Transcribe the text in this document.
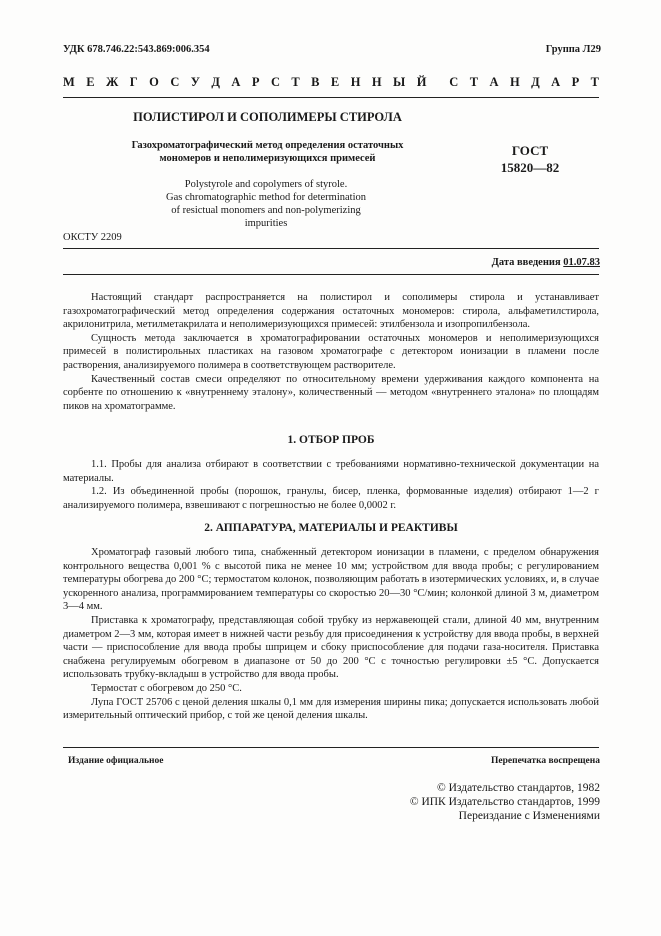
УДК 678.746.22:543.869:006.354	Группа Л29
М Е Ж Г О С У Д А Р С Т В Е Н Н Ы Й С Т А Н Д А Р Т
ПОЛИСТИРОЛ И СОПОЛИМЕРЫ СТИРОЛА
Газохроматографический метод определения остаточных
мономеров и неполимеризующихся примесей
ГОСТ
15820—82
Polystyrole and copolymers of styrole.
Gas chromatographic method for determination
of resictual monomers and non-polymerizing
impurities
ОКСТУ 2209
Дата введения 01.07.83

Настоящий стандарт распространяется на полистирол и сополимеры стирола и устанавливает газохроматографический метод определения содержания остаточных мономеров: стирола, альфаметилстирола, акрилонитрила, метилметакрилата и неполимеризующихся примесей: этилбензола и изопропилбензола.

Сущность метода заключается в хроматографировании остаточных мономеров и неполимеризующихся примесей в полистирольных пластиках на газовом хроматографе с детектором ионизации в пламени после растворения, анализируемого полимера в соответствующем растворителе.

Качественный состав смеси определяют по относительному времени удерживания каждого компонента на сорбенте по отношению к «внутреннему эталону», количественный — методом «внутреннего эталона» по площадям пиков на хроматограмме.

1. ОТБОР ПРОБ

1.1. Пробы для анализа отбирают в соответствии с требованиями нормативно-технической документации на материалы.

1.2. Из объединенной пробы (порошок, гранулы, бисер, пленка, формованные изделия) отбирают 1—2 г анализируемого полимера, взвешивают с погрешностью не более 0,0002 г.

2. АППАРАТУРА, МАТЕРИАЛЫ И РЕАКТИВЫ

Хроматограф газовый любого типа, снабженный детектором ионизации в пламени, с пределом обнаружения контрольного вещества 0,001 % с высотой пика не менее 10 мм; устройством для ввода пробы; с регулированием температуры обогрева до 200 °С; термостатом колонок, позволяющим работать в изотермических условиях, и, в случае ускоренного анализа, программированием температуры со скоростью 20—30 °С/мин; колонкой длиной 3 м, диаметром 3—4 мм.

Приставка к хроматографу, представляющая собой трубку из нержавеющей стали, длиной 40 мм, внутренним диаметром 2—3 мм, которая имеет в нижней части резьбу для присоединения к устройству для ввода пробы, в верхней части — приспособление для ввода пробы шприцем и сбоку приспособление для подачи газа-носителя. Приставка снабжена регулируемым обогревом в диапазоне от 50 до 200 °С с точностью регулировки ±5 °С. Допускается использовать трубку-вкладыш в устройство для ввода пробы.

Термостат с обогревом до 250 °С.

Лупа ГОСТ 25706 с ценой деления шкалы 0,1 мм для измерения ширины пика; допускается использовать любой измерительный оптический прибор, с той же ценой деления шкалы.

Издание официальное	Перепечатка воспрещена
© Издательство стандартов, 1982
© ИПК Издательство стандартов, 1999
Переиздание с Изменениями
